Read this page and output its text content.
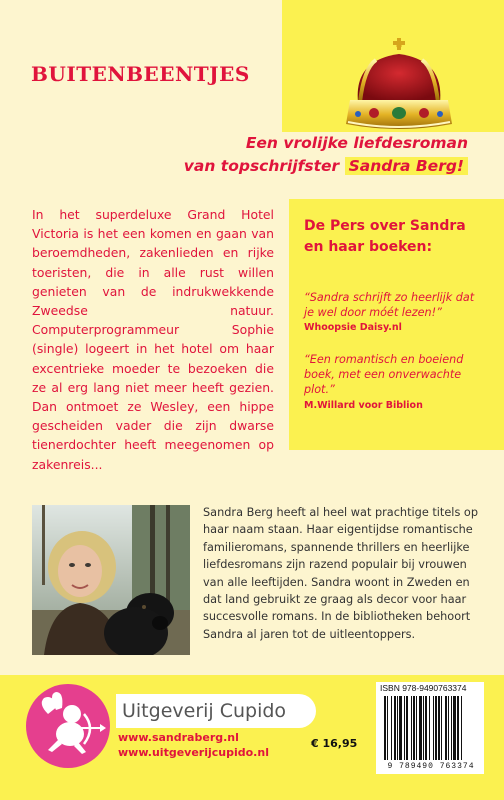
BUITENBEENTJES
Een vrolijke liefdesroman
van topschrijfster Sandra Berg!
In het superdeluxe Grand Hotel Victoria is het een komen en gaan van beroemdheden, zakenlieden en rijke toeristen, die in alle rust willen genieten van de indrukwekkende Zweedse natuur. Computerprogrammeur Sophie (single) logeert in het hotel om haar excentrieke moeder te bezoeken die ze al erg lang niet meer heeft gezien. Dan ontmoet ze Wesley, een hippe gescheiden vader die zijn dwarse tienerdochter heeft meegenomen op zakenreis...
De Pers over Sandra
en haar boeken:
“Sandra schrijft zo heerlijk dat je wel door móét lezen!”
Whoopsie Daisy.nl
“Een romantisch en boeiend boek, met een onverwachte plot.”
M.Willard voor Biblion
Sandra Berg heeft al heel wat prachtige titels op haar naam staan. Haar eigentijdse romantische familieromans, spannende thrillers en heerlijke liefdesromans zijn razend populair bij vrouwen van alle leeftijden. Sandra woont in Zweden en dat land gebruikt ze graag als decor voor haar succesvolle romans. In de bibliotheken behoort Sandra al jaren tot de uitleentoppers.
Uitgeverij Cupido
www.sandraberg.nl
www.uitgeverijcupido.nl
€ 16,95
ISBN 978-9490763374
9 789490 763374
